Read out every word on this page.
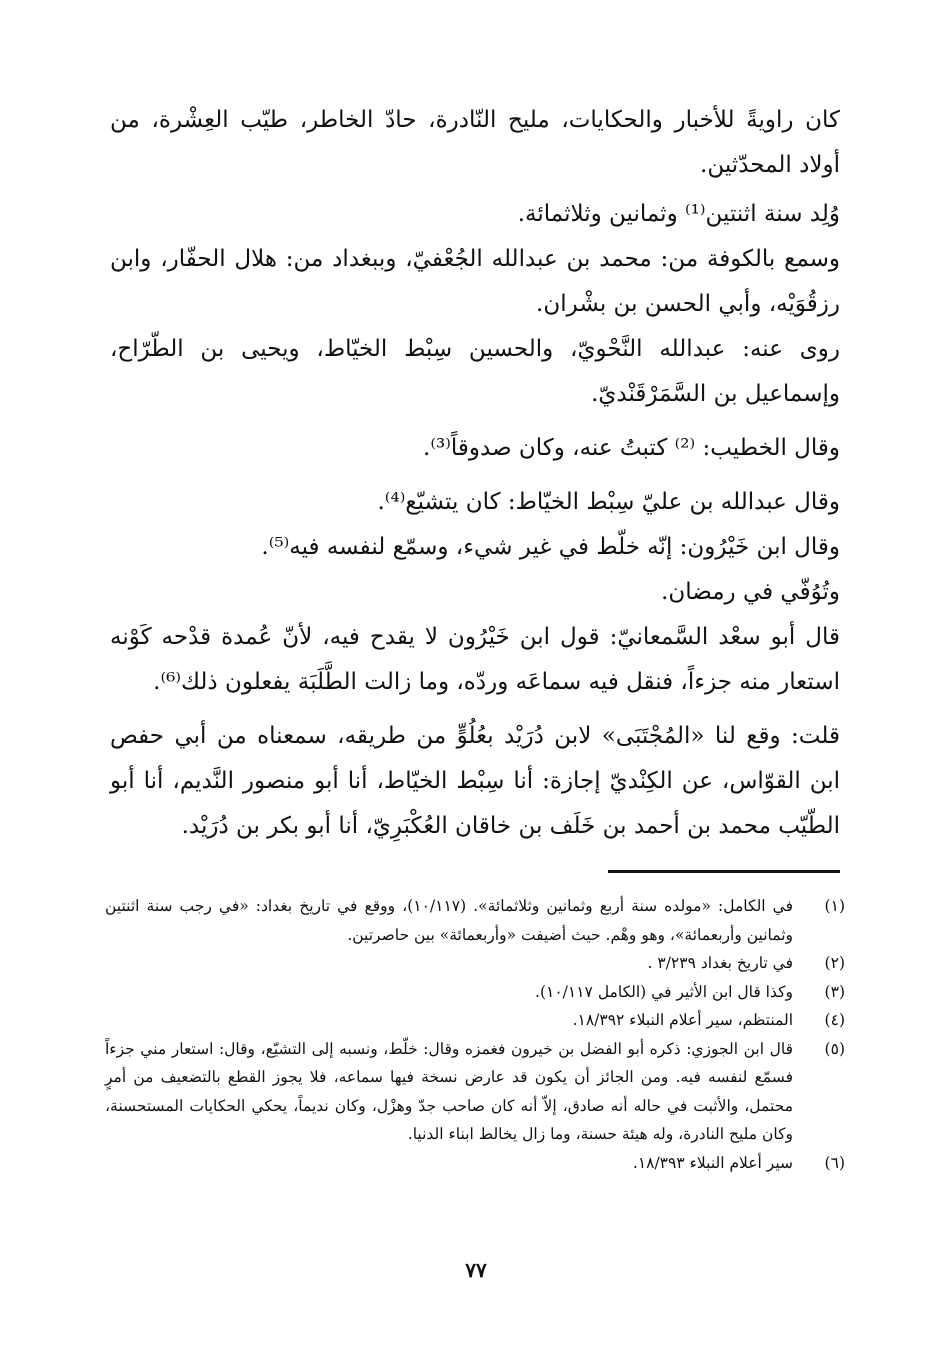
كان راويةً للأخبار والحكايات، مليح النّادرة، حادّ الخاطر، طيّب العِشْرة، من أولاد المحدّثين.

وُلِد سنة اثنتين⁽¹⁾ وثمانين وثلاثمائة.

وسمع بالكوفة من: محمد بن عبدالله الجُعْفيّ، وببغداد من: هلال الحفّار، وابن رزقُوَيْه، وأبي الحسن بن بشْران.

روى عنه: عبدالله النَّحْويّ، والحسين سِبْط الخيّاط، ويحيى بن الطّرّاح، وإسماعيل بن السَّمَرْقَنْديّ.

وقال الخطيب: ⁽²⁾ كتبتُ عنه، وكان صدوقاً⁽³⁾.

وقال عبدالله بن عليّ سِبْط الخيّاط: كان يتشيّع⁽⁴⁾.

وقال ابن خَيْرُون: إنّه خلّط في غير شيء، وسمّع لنفسه فيه⁽⁵⁾.

وتُوُفّي في رمضان.

قال أبو سعْد السَّمعانيّ: قول ابن خَيْرُون لا يقدح فيه، لأنّ عُمدة قدْحه كَوْنه استعار منه جزءاً، فنقل فيه سماعَه وردّه، وما زالت الطَّلَبَة يفعلون ذلك⁽⁶⁾.

قلت: وقع لنا «المُجْتَبَى» لابن دُرَيْد بعُلُوٍّ من طريقه، سمعناه من أبي حفص ابن القوّاس، عن الكِنْديّ إجازة: أنا سِبْط الخيّاط، أنا أبو منصور النَّديم، أنا أبو الطّيّب محمد بن أحمد بن خَلَف بن خاقان العُكْبَرِيّ، أنا أبو بكر بن دُرَيْد.

(١)
في الكامل: «مولده سنة أربع وثمانين وثلاثمائة». (١٠/١١٧)، ووقع في تاريخ بغداد: «في رجب سنة اثنتين وثمانين وأربعمائة»، وهو وهْم. حيث أضيفت «وأربعمائة» بين حاصرتين.
(٢)
في تاريخ بغداد ٣/٢٣٩ .
(٣)
وكذا قال ابن الأثير في (الكامل ١٠/١١٧).
(٤)
المنتظم، سير أعلام النبلاء ١٨/٣٩٢.
(٥)
قال ابن الجوزي: ذكره أبو الفضل بن خيرون فغمزه وقال: خلّط، ونسبه إلى التشيّع، وقال: استعار مني جزءاً فسمّع لنفسه فيه. ومن الجائز أن يكون قد عارض نسخة فيها سماعه، فلا يجوز القطع بالتضعيف من أمرٍ محتمل، والأثبت في حاله أنه صادق، إلاّ أنه كان صاحب جدّ وهزْل، وكان نديماً، يحكي الحكايات المستحسنة، وكان مليح النادرة، وله هيئة حسنة، وما زال يخالط ابناء الدنيا.
(٦)
سير أعلام النبلاء ١٨/٣٩٣.
٧٧
